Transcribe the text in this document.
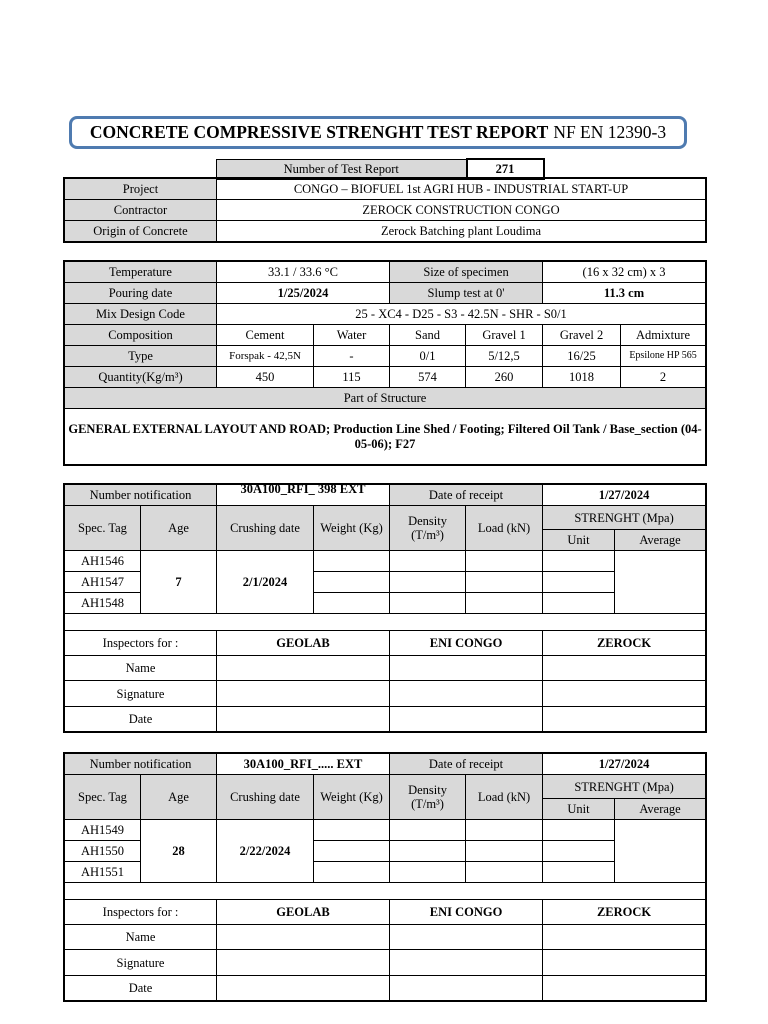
CONCRETE COMPRESSIVE STRENGHT TEST REPORT NF EN 12390-3
Number of Test Report	271
Project	CONGO – BIOFUEL 1st AGRI HUB - INDUSTRIAL START-UP
Contractor	ZEROCK CONSTRUCTION CONGO
Origin of Concrete	Zerock Batching plant Loudima
Temperature	33.1 / 33.6 °C		Size of specimen		(16 x 32 cm) x 3	
Pouring date	1/25/2024		Slump test at 0'		11.3 cm	
Mix Design Code	25 - XC4 - D25 - S3 - 42.5N - SHR - S0/1					
Composition	Cement	Water	Sand	Gravel 1	Gravel 2	Admixture
Type	Forspak - 42,5N	-	0/1	5/12,5	16/25	Epsilone HP 565
Quantity(Kg/m³)	450	115	574	260	1018	2
Part of Structure						
GENERAL EXTERNAL LAYOUT AND ROAD; Production Line Shed / Footing; Filtered Oil Tank / Base_section (04-05-06); F27						
Number notification		30A100_RFI_ 398 EXT		Date of receipt		1/27/2024	
Spec. Tag	Age	Crushing date	Weight (Kg)	Density
(T/m³)	Load (kN)	STRENGHT (Mpa)	
						Unit	Average
AH1546	7	2/1/2024					
AH1547							
AH1548							

Inspectors for :		GEOLAB		ENI CONGO		ZEROCK	
Name							
Signature							
Date							
Number notification		30A100_RFI_..... EXT		Date of receipt		1/27/2024	
Spec. Tag	Age	Crushing date	Weight (Kg)	Density
(T/m³)	Load (kN)	STRENGHT (Mpa)	
						Unit	Average
AH1549	28	2/22/2024					
AH1550							
AH1551							

Inspectors for :		GEOLAB		ENI CONGO		ZEROCK	
Name							
Signature							
Date							
